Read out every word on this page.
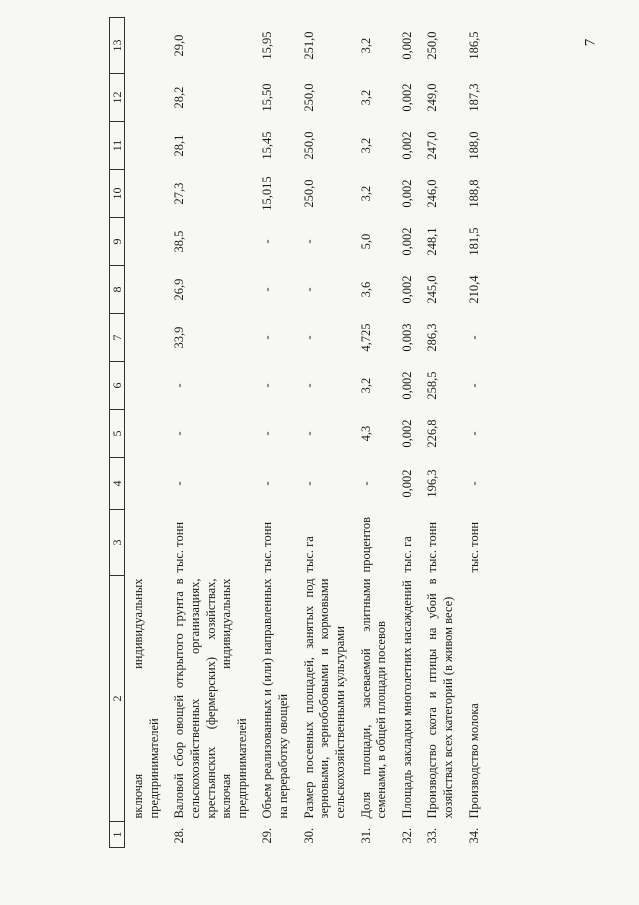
7
1	2	3	4	5	6	7	8	9	10	11	12	13
	включая индивидуальных предпринимателей											
28.	Валовой сбор овощей открытого грунта в сельскохозяйственных организациях, крестьянских (фермерских) хозяйствах, включая индивидуальных предпринимателей	тыс. тонн	-	-	-	33,9	26,9	38,5	27,3	28,1	28,2	29,0
29.	Объем реализованных и (или) направленных на переработку овощей	тыс. тонн	-	-	-	-	-	-	15,015	15,45	15,50	15,95
30.	Размер посевных площадей, занятых под зерновыми, зернобобовыми и кормовыми сельскохозяйственными культурами	тыс. га	-	-	-	-	-	-	250,0	250,0	250,0	251,0
31.	Доля площади, засеваемой элитными семенами, в общей площади посевов	процентов	-	4,3	3,2	4,725	3,6	5,0	3,2	3,2	3,2	3,2
32.	Площадь закладки многолетних насаждений	тыс. га	0,002	0,002	0,002	0,003	0,002	0,002	0,002	0,002	0,002	0,002
33.	Производство скота и птицы на убой в хозяйствах всех категорий (в живом весе)	тыс. тонн	196,3	226,8	258,5	286,3	245,0	248,1	246,0	247,0	249,0	250,0
34.	Производство молока	тыс. тонн	-	-	-	-	210,4	181,5	188,8	188,0	187,3	186,5
